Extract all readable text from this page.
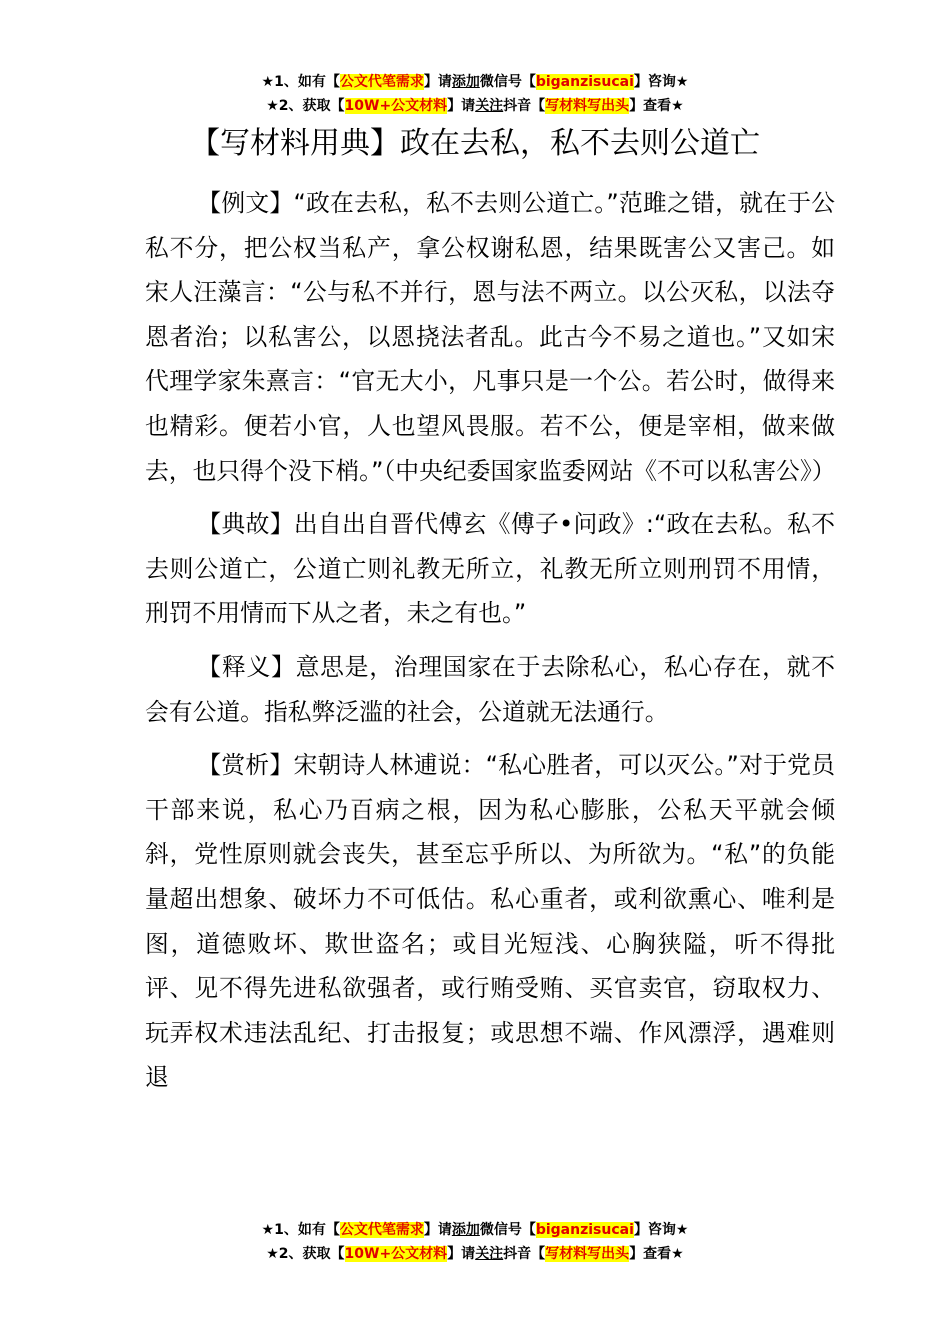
★1、如有【公文代笔需求】请添加微信号【biganzisucai】咨询★
★2、获取【10W+公文材料】请关注抖音【写材料写出头】查看★
【写材料用典】政在去私，私不去则公道亡

【例文】“政在去私，私不去则公道亡。”范雎之错，就在于公私不分，把公权当私产，拿公权谢私恩，结果既害公又害己。如宋人汪藻言：“公与私不并行，恩与法不两立。以公灭私，以法夺恩者治；以私害公，以恩挠法者乱。此古今不易之道也。”又如宋代理学家朱熹言：“官无大小，凡事只是一个公。若公时，做得来也精彩。便若小官，人也望风畏服。若不公，便是宰相，做来做去，也只得个没下梢。”（中央纪委国家监委网站《不可以私害公》）

【典故】出自出自晋代傅玄《傅子•问政》:“政在去私。私不去则公道亡，公道亡则礼教无所立，礼教无所立则刑罚不用情，刑罚不用情而下从之者，未之有也。”

【释义】意思是，治理国家在于去除私心，私心存在，就不会有公道。指私弊泛滥的社会，公道就无法通行。

【赏析】宋朝诗人林逋说：“私心胜者，可以灭公。”对于党员干部来说，私心乃百病之根，因为私心膨胀，公私天平就会倾斜，党性原则就会丧失，甚至忘乎所以、为所欲为。“私”的负能量超出想象、破坏力不可低估。私心重者，或利欲熏心、唯利是图，道德败坏、欺世盗名；或目光短浅、心胸狭隘，听不得批评、见不得先进私欲强者，或行贿受贿、买官卖官，窃取权力、玩弄权术违法乱纪、打击报复；或思想不端、作风漂浮，遇难则退

★1、如有【公文代笔需求】请添加微信号【biganzisucai】咨询★
★2、获取【10W+公文材料】请关注抖音【写材料写出头】查看★
